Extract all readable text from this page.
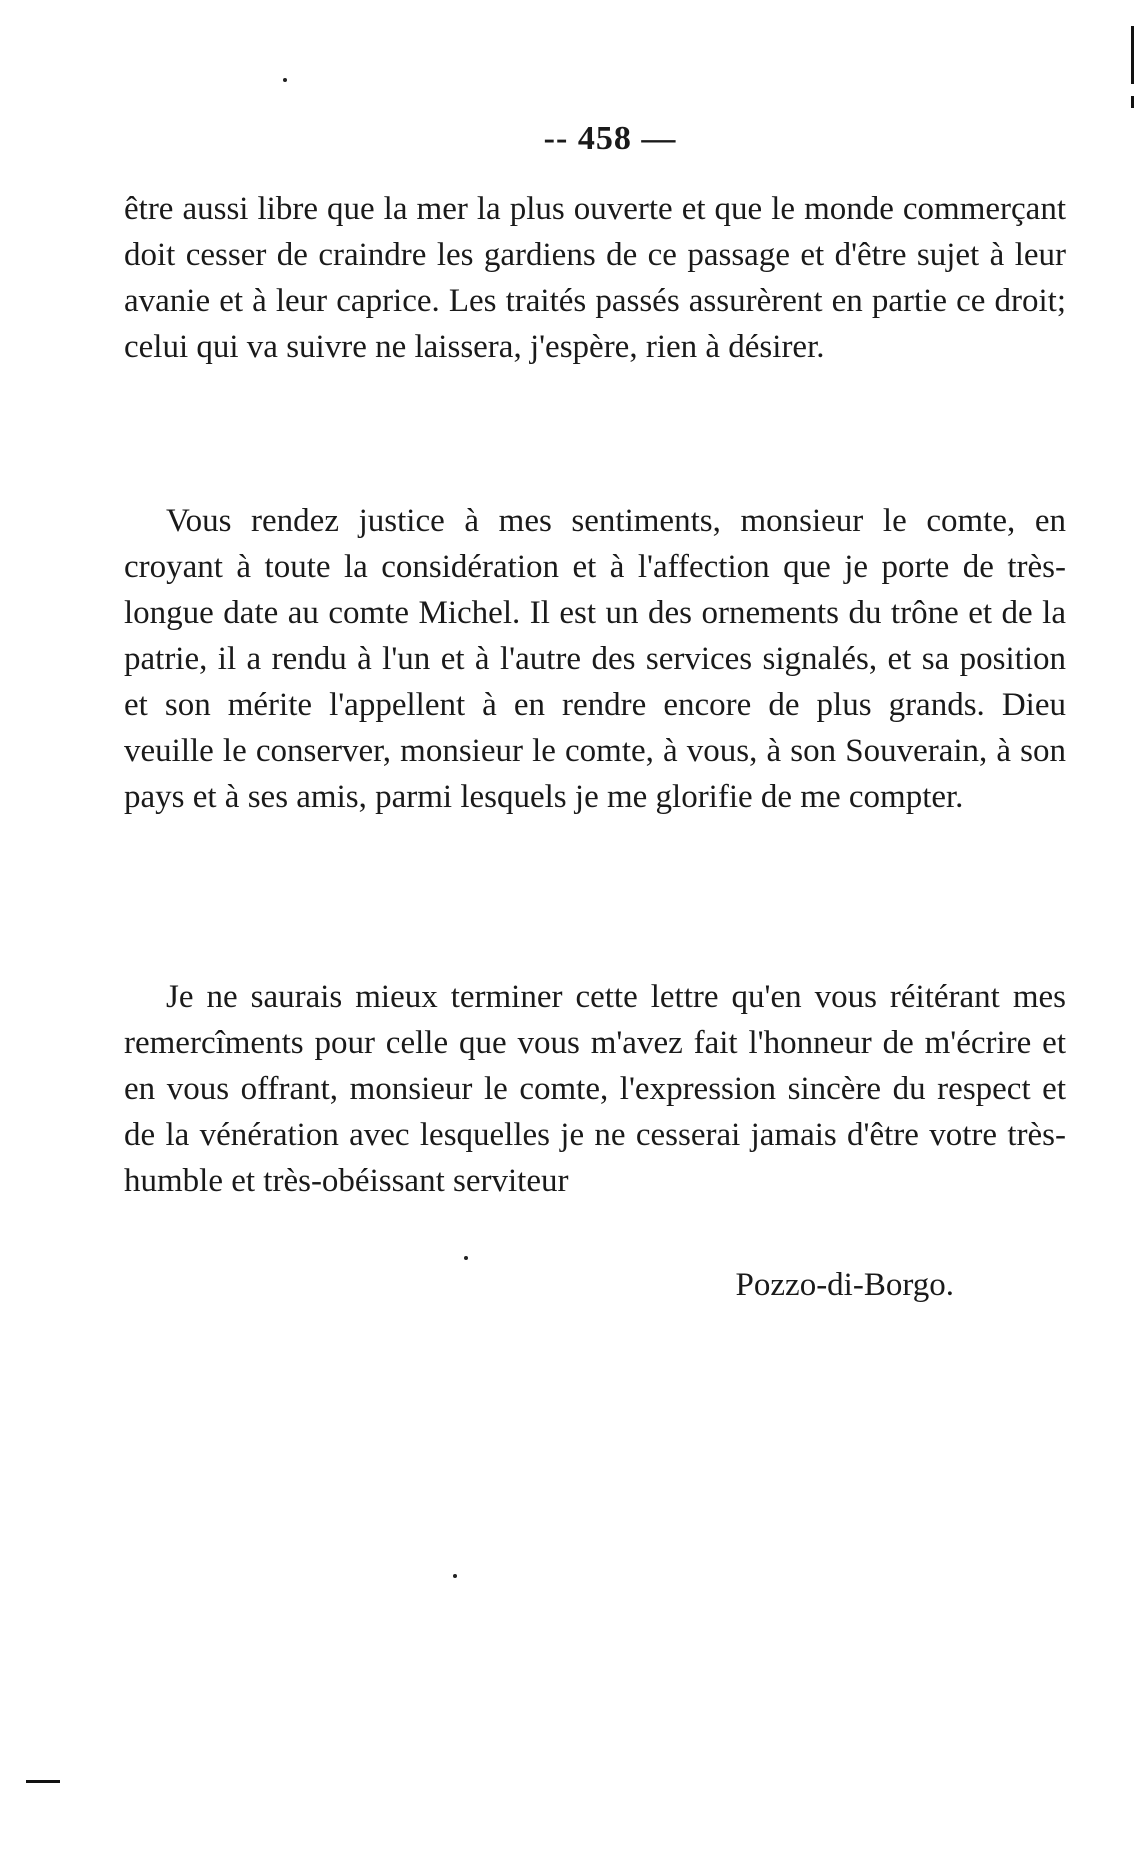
-- 458 —

être aussi libre que la mer la plus ouverte et que le monde commerçant doit cesser de craindre les gardiens de ce passage et d'être sujet à leur avanie et à leur caprice. Les traités passés assurèrent en partie ce droit; celui qui va suivre ne laissera, j'espère, rien à désirer.

Vous rendez justice à mes sentiments, monsieur le comte, en croyant à toute la considération et à l'affection que je porte de très-longue date au comte Michel. Il est un des ornements du trône et de la patrie, il a rendu à l'un et à l'autre des services signalés, et sa position et son mérite l'appellent à en rendre encore de plus grands. Dieu veuille le conserver, monsieur le comte, à vous, à son Souverain, à son pays et à ses amis, parmi lesquels je me glorifie de me compter.

Je ne saurais mieux terminer cette lettre qu'en vous réitérant mes remercîments pour celle que vous m'avez fait l'honneur de m'écrire et en vous offrant, monsieur le comte, l'expression sincère du respect et de la vénération avec lesquelles je ne cesserai jamais d'être votre très-humble et très-obéissant serviteur

Pozzo-di-Borgo.
